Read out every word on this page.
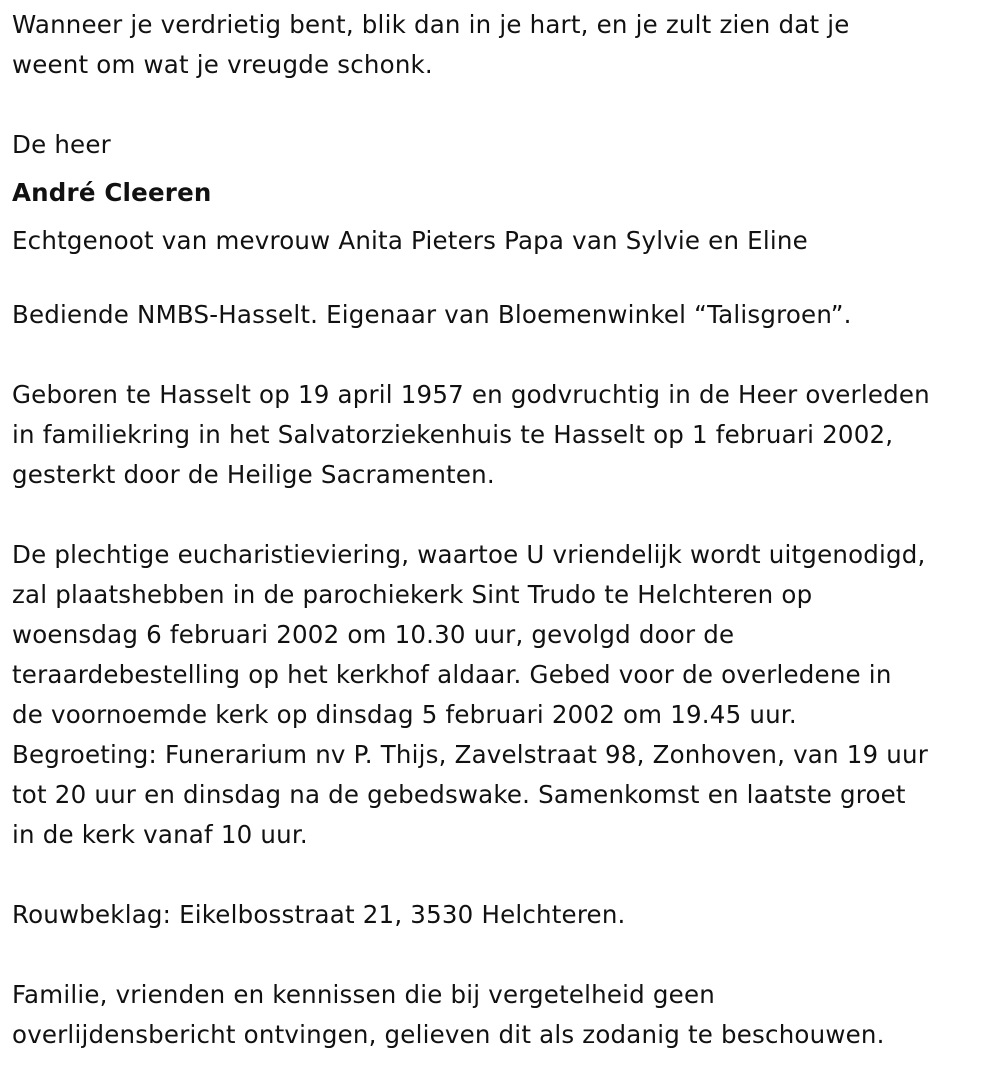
Wanneer je verdrietig bent, blik dan in je hart, en je zult zien dat je

weent om wat je vreugde schonk.

De heer

André Cleeren

Echtgenoot van mevrouw Anita Pieters Papa van Sylvie en Eline

Bediende NMBS-Hasselt. Eigenaar van Bloemenwinkel “Talisgroen”.

Geboren te Hasselt op 19 april 1957 en godvruchtig in de Heer overleden

in familiekring in het Salvatorziekenhuis te Hasselt op 1 februari 2002,

gesterkt door de Heilige Sacramenten.

De plechtige eucharistieviering, waartoe U vriendelijk wordt uitgenodigd,

zal plaatshebben in de parochiekerk Sint Trudo te Helchteren op

woensdag 6 februari 2002 om 10.30 uur, gevolgd door de

teraardebestelling op het kerkhof aldaar. Gebed voor de overledene in

de voornoemde kerk op dinsdag 5 februari 2002 om 19.45 uur.

Begroeting: Funerarium nv P. Thijs, Zavelstraat 98, Zonhoven, van 19 uur

tot 20 uur en dinsdag na de gebedswake. Samenkomst en laatste groet

in de kerk vanaf 10 uur.

Rouwbeklag: Eikelbosstraat 21, 3530 Helchteren.

Familie, vrienden en kennissen die bij vergetelheid geen

overlijdensbericht ontvingen, gelieven dit als zodanig te beschouwen.
